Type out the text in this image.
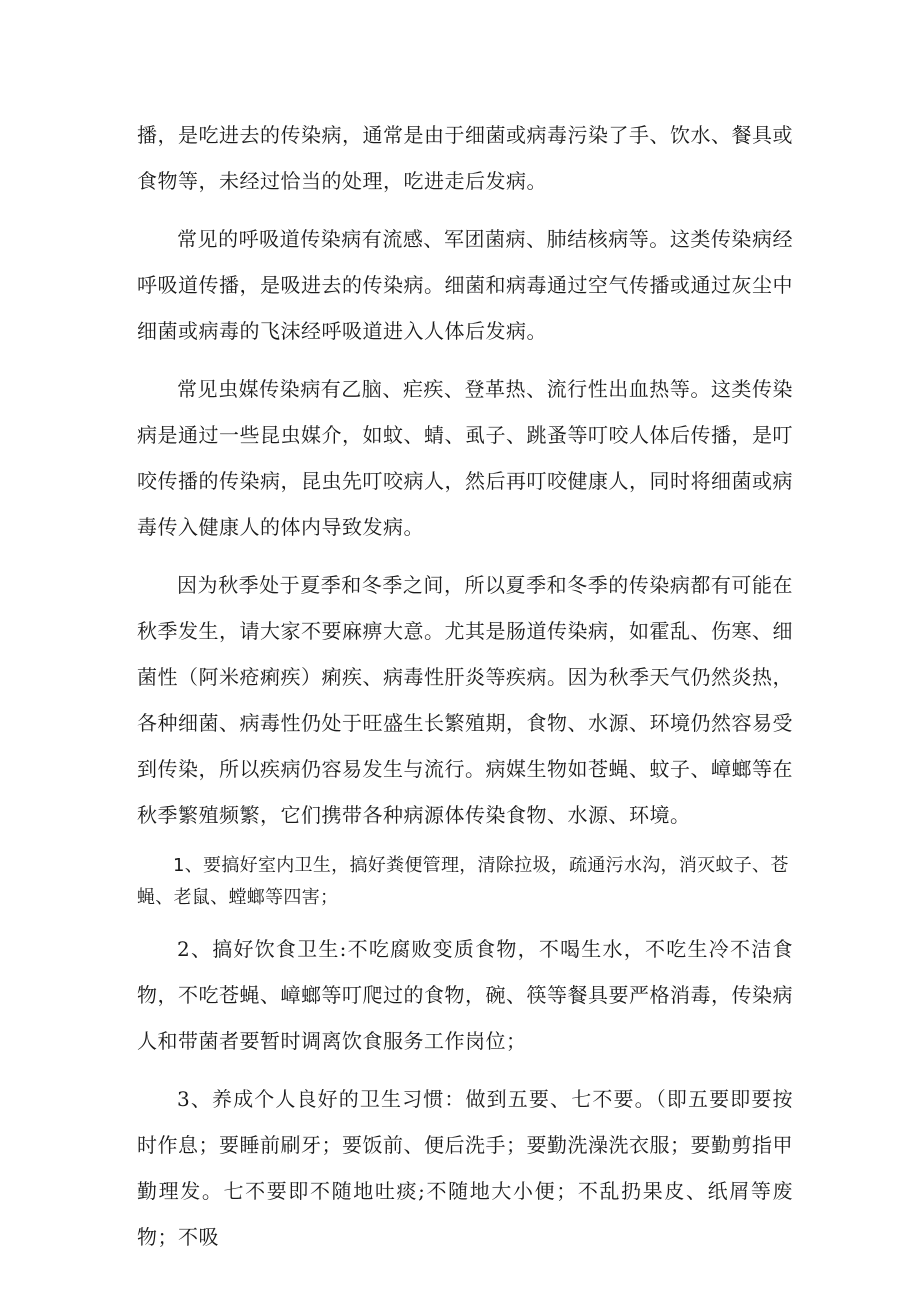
播，是吃进去的传染病，通常是由于细菌或病毒污染了手、饮水、餐具或食物等，未经过恰当的处理，吃进走后发病。

常见的呼吸道传染病有流感、军团菌病、肺结核病等。这类传染病经呼吸道传播，是吸进去的传染病。细菌和病毒通过空气传播或通过灰尘中细菌或病毒的飞沫经呼吸道进入人体后发病。

常见虫媒传染病有乙脑、疟疾、登革热、流行性出血热等。这类传染病是通过一些昆虫媒介，如蚊、蜻、虱子、跳蚤等叮咬人体后传播，是叮咬传播的传染病，昆虫先叮咬病人，然后再叮咬健康人，同时将细菌或病毒传入健康人的体内导致发病。

因为秋季处于夏季和冬季之间，所以夏季和冬季的传染病都有可能在秋季发生，请大家不要麻痹大意。尤其是肠道传染病，如霍乱、伤寒、细菌性（阿米疮痢疾）痢疾、病毒性肝炎等疾病。因为秋季天气仍然炎热，各种细菌、病毒性仍处于旺盛生长繁殖期，食物、水源、环境仍然容易受到传染，所以疾病仍容易发生与流行。病媒生物如苍蝇、蚊子、嶂螂等在秋季繁殖频繁，它们携带各种病源体传染食物、水源、环境。

1、要搞好室内卫生，搞好粪便管理，清除拉圾，疏通污水沟，消灭蚊子、苍蝇、老鼠、螳螂等四害；

2、搞好饮食卫生:不吃腐败变质食物，不喝生水，不吃生冷不洁食物，不吃苍蝇、嶂螂等叮爬过的食物，碗、筷等餐具要严格消毒，传染病人和带菌者要暂时调离饮食服务工作岗位；

3、养成个人良好的卫生习惯：做到五要、七不要。（即五要即要按时作息；要睡前刷牙；要饭前、便后洗手；要勤洗澡洗衣服；要勤剪指甲勤理发。七不要即不随地吐痰;不随地大小便；不乱扔果皮、纸屑等废物；不吸
